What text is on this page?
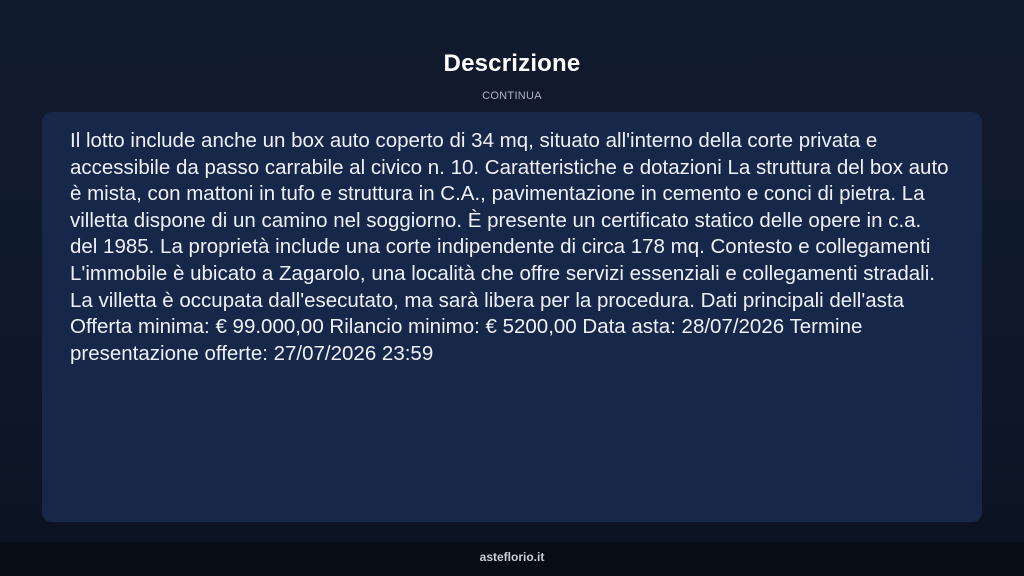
Descrizione
CONTINUA

Il lotto include anche un box auto coperto di 34 mq, situato all'interno della corte privata e accessibile da passo carrabile al civico n. 10. Caratteristiche e dotazioni La struttura del box auto è mista, con mattoni in tufo e struttura in C.A., pavimentazione in cemento e conci di pietra. La villetta dispone di un camino nel soggiorno. È presente un certificato statico delle opere in c.a. del 1985. La proprietà include una corte indipendente di circa 178 mq. Contesto e collegamenti L'immobile è ubicato a Zagarolo, una località che offre servizi essenziali e collegamenti stradali. La villetta è occupata dall'esecutato, ma sarà libera per la procedura. Dati principali dell'asta Offerta minima: € 99.000,00 Rilancio minimo: € 5200,00 Data asta: 28/07/2026 Termine presentazione offerte: 27/07/2026 23:59

asteflorio.it
